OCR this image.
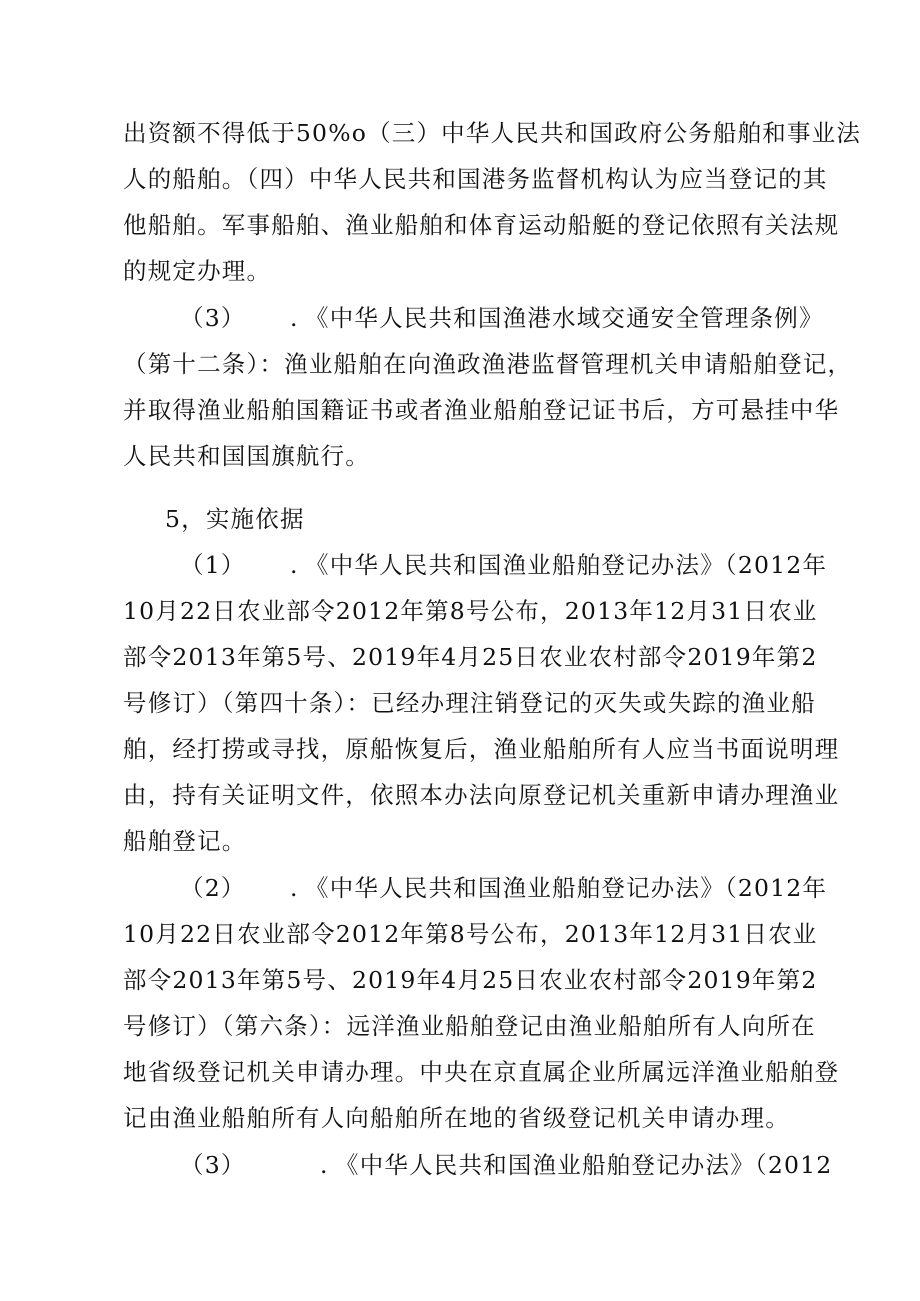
出资额不得低于50%o（三）中华人民共和国政府公务船舶和事业法
人的船舶。（四）中华人民共和国港务监督机构认为应当登记的其
他船舶。军事船舶、渔业船舶和体育运动船艇的登记依照有关法规
的规定办理。
（3） . 《中华人民共和国渔港水域交通安全管理条例》
（第十二条）：渔业船舶在向渔政渔港监督管理机关申请船舶登记，
并取得渔业船舶国籍证书或者渔业船舶登记证书后，方可悬挂中华
人民共和国国旗航行。
5，实施依据
（1） . 《中华人民共和国渔业船舶登记办法》（2012年
10月22日农业部令2012年第8号公布，2013年12月31日农业
部令2013年第5号、2019年4月25日农业农村部令2019年第2
号修订）（第四十条）：已经办理注销登记的灭失或失踪的渔业船
舶，经打捞或寻找，原船恢复后，渔业船舶所有人应当书面说明理
由，持有关证明文件，依照本办法向原登记机关重新申请办理渔业
船舶登记。
（2） . 《中华人民共和国渔业船舶登记办法》（2012年
10月22日农业部令2012年第8号公布，2013年12月31日农业
部令2013年第5号、2019年4月25日农业农村部令2019年第2
号修订）（第六条）：远洋渔业船舶登记由渔业船舶所有人向所在
地省级登记机关申请办理。中央在京直属企业所属远洋渔业船舶登
记由渔业船舶所有人向船舶所在地的省级登记机关申请办理。
（3）	. 《中华人民共和国渔业船舶登记办法》（2012
